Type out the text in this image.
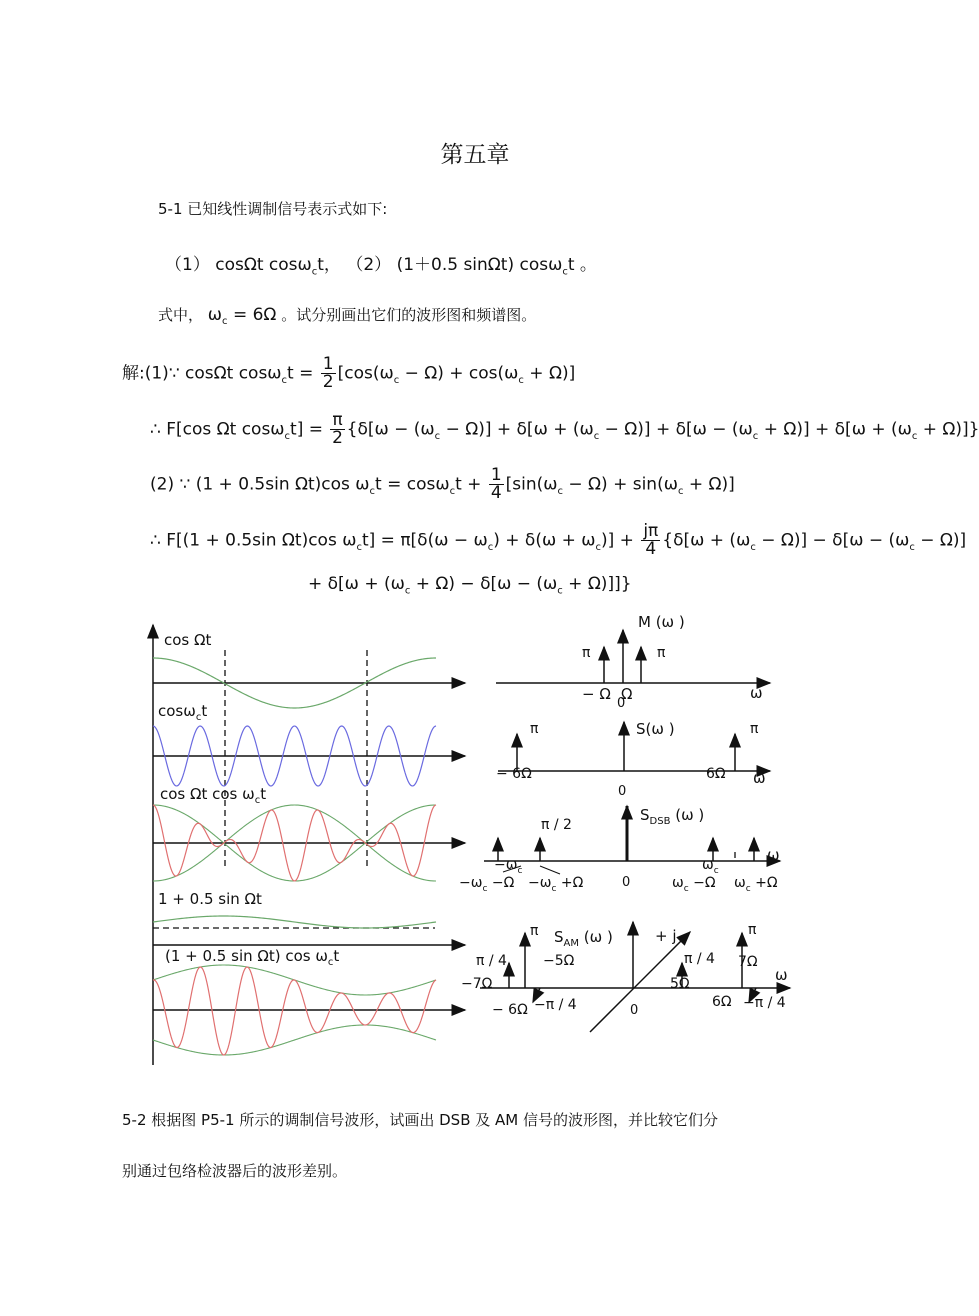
第五章
5-1 已知线性调制信号表示式如下:
（1） cosΩt cosω$_c$t， （2） (1＋0.5 sinΩt) cosω$_c$t 。
式中， $\omega_c = 6\Omega$ 。试分别画出它们的波形图和频谱图。
解:(1)∵ cosΩt $\cos\omega_ct = \frac{1}{2} [\cos(\omega_c - \Omega) + \cos(\omega_c + \Omega)]$
∴ F[cos Ωt $\cos\omega_ct] = \frac{\pi}{2} \{\delta[\omega - (\omega_c - \Omega)] + \delta[\omega + (\omega_c - \Omega)] + \delta[\omega - (\omega_c + \Omega)] + \delta[\omega + (\omega_c + \Omega)]\}$
(2) ∵ (1 + 0.5sin Ωt)cos $\omega_ct = \cos\omega_ct + \frac{1}{4} [\sin(\omega_c - \Omega) + \sin(\omega_c + \Omega)]$
∴ F[(1 + 0.5sin Ωt)cos $\omega_ct] = \pi[\delta(\omega - \omega_c) + \delta(\omega + \omega_c)] + \frac{j\pi}{4} \{\delta[\omega + (\omega_c - \Omega)] - \delta[\omega - (\omega_c - \Omega)]$
+ $\delta[\omega + (\omega_c + \Omega) - \delta[\omega - (\omega_c + \Omega)]]$}
cos Ωt
cosω$_c$t
cos Ωt $\cos \omega_ct$
1 + 0.5 sin Ωt
(1 + 0.5 sin Ωt) $\cos \omega_ct$
M (ω )
π	π
− Ω Ω
0
ω
S(ω )
π	π
− 6Ω	6Ω
0
ω
$S_{DSB}$ (ω )
π / 2
$-\omega_c$	$\omega_c$
$-\omega_c -\Omega -\omega_c +\Omega$	0	$\omega_c -\Omega$ $\omega_c +\Omega$
ω
$S_{AM}$ (ω )	+ j
π	π
π / 4	π / 4
−5Ω
−7Ω	5Ω
7Ω
− 6Ω	6Ω
−π / 4	−π / 4
0
ω
5-2 根据图 P5-1 所示的调制信号波形，试画出 DSB 及 AM 信号的波形图，并比较它们分
别通过包络检波器后的波形差别。
